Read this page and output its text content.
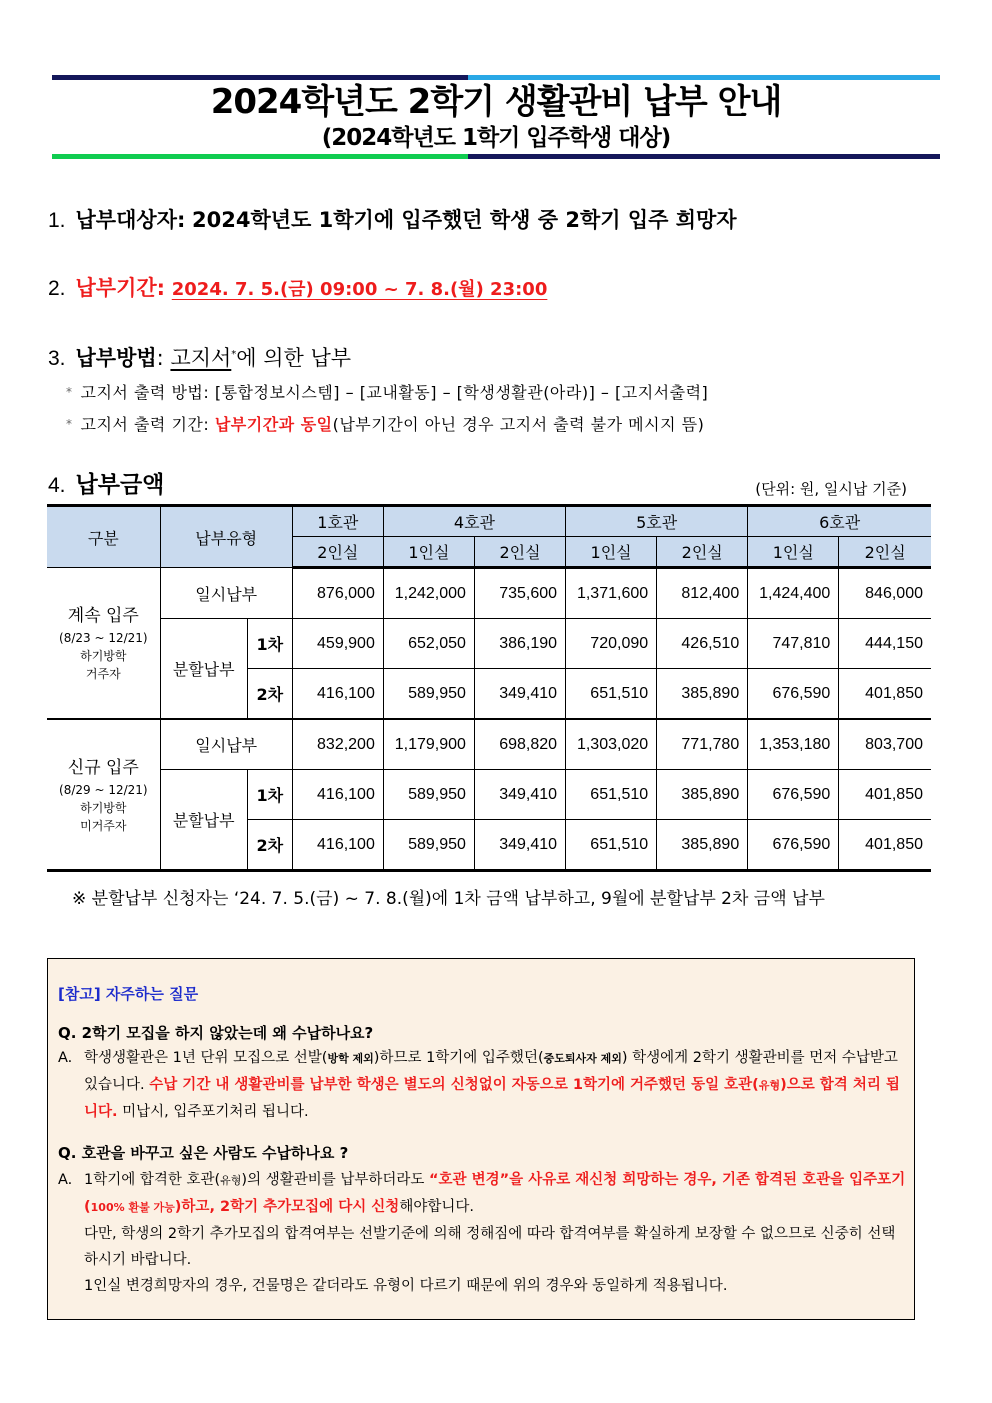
2024학년도 2학기 생활관비 납부 안내
(2024학년도 1학기 입주학생 대상)
1. 납부대상자: 2024학년도 1학기에 입주했던 학생 중 2학기 입주 희망자
2. 납부기간: 2024. 7. 5.(금) 09:00 ~ 7. 8.(월) 23:00
3. 납부방법: 고지서*에 의한 납부
* 고지서 출력 방법: [통합정보시스템] – [교내활동] – [학생생활관(아라)] – [고지서출력]
* 고지서 출력 기간: 납부기간과 동일(납부기간이 아닌 경우 고지서 출력 불가 메시지 뜸)
4. 납부금액	(단위: 원, 일시납 기준)
구분	납부유형		1호관	4호관		5호관		6호관	
			2인실	1인실	2인실	1인실	2인실	1인실	2인실

계속 입주
(8/23 ~ 12/21)
하기방학
거주자	일시납부		876,000	1,242,000	735,600	1,371,600	812,400	1,424,400	846,000
	분할납부	1차	459,900	652,050	386,190	720,090	426,510	747,810	444,150
		2차	416,100	589,950	349,410	651,510	385,890	676,590	401,850

신규 입주
(8/29 ~ 12/21)
하기방학
미거주자	일시납부		832,200	1,179,900	698,820	1,303,020	771,780	1,353,180	803,700
	분할납부	1차	416,100	589,950	349,410	651,510	385,890	676,590	401,850
		2차	416,100	589,950	349,410	651,510	385,890	676,590	401,850
※ 분할납부 신청자는 ‘24. 7. 5.(금) ~ 7. 8.(월)에 1차 금액 납부하고, 9월에 분할납부 2차 금액 납부
[참고] 자주하는 질문
Q. 2학기 모집을 하지 않았는데 왜 수납하나요?
A. 학생생활관은 1년 단위 모집으로 선발(방학 제외)하므로 1학기에 입주했던(중도퇴사자 제외) 학생에게 2학기 생활관비를 먼저 수납받고 있습니다. 수납 기간 내 생활관비를 납부한 학생은 별도의 신청없이 자동으로 1학기에 거주했던 동일 호관(유형)으로 합격 처리 됩니다. 미납시, 입주포기처리 됩니다.
Q. 호관을 바꾸고 싶은 사람도 수납하나요 ?
A. 1학기에 합격한 호관(유형)의 생활관비를 납부하더라도 “호관 변경”을 사유로 재신청 희망하는 경우, 기존 합격된 호관을 입주포기(100% 환불 가능)하고, 2학기 추가모집에 다시 신청해야합니다.
다만, 학생의 2학기 추가모집의 합격여부는 선발기준에 의해 정해짐에 따라 합격여부를 확실하게 보장할 수 없으므로 신중히 선택하시기 바랍니다.
1인실 변경희망자의 경우, 건물명은 같더라도 유형이 다르기 때문에 위의 경우와 동일하게 적용됩니다.
